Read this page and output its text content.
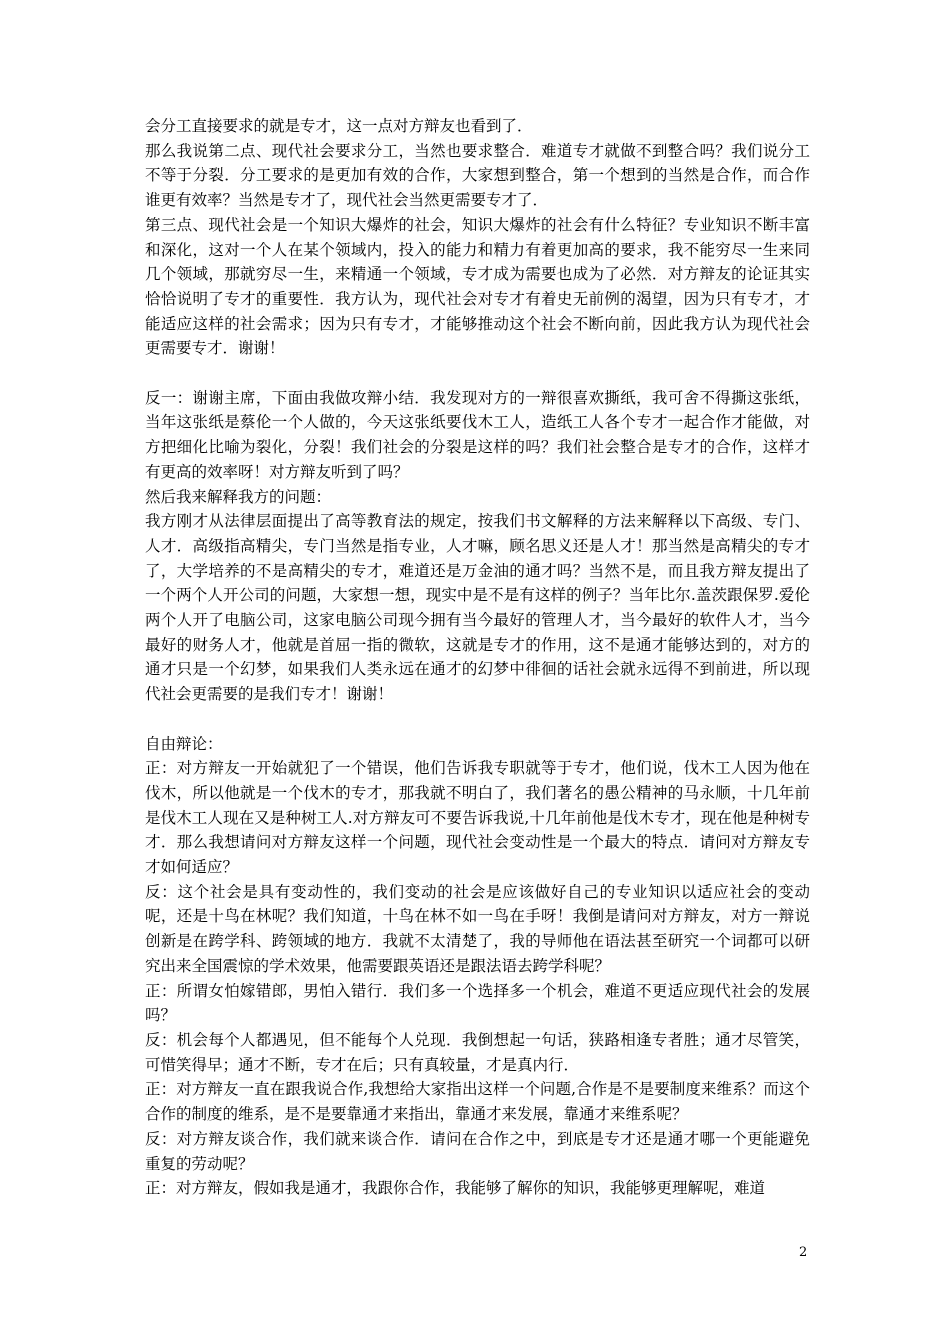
会分工直接要求的就是专才，这一点对方辩友也看到了．

那么我说第二点、现代社会要求分工，当然也要求整合．难道专才就做不到整合吗？我们说分工不等于分裂．分工要求的是更加有效的合作，大家想到整合，第一个想到的当然是合作，而合作谁更有效率？当然是专才了，现代社会当然更需要专才了．

第三点、现代社会是一个知识大爆炸的社会，知识大爆炸的社会有什么特征？专业知识不断丰富和深化，这对一个人在某个领域内，投入的能力和精力有着更加高的要求，我不能穷尽一生来同几个领域，那就穷尽一生，来精通一个领域，专才成为需要也成为了必然．对方辩友的论证其实恰恰说明了专才的重要性．我方认为，现代社会对专才有着史无前例的渴望，因为只有专才，才能适应这样的社会需求；因为只有专才，才能够推动这个社会不断向前，因此我方认为现代社会更需要专才．谢谢！

反一：谢谢主席，下面由我做攻辩小结．我发现对方的一辩很喜欢撕纸，我可舍不得撕这张纸，当年这张纸是蔡伦一个人做的，今天这张纸要伐木工人，造纸工人各个专才一起合作才能做，对方把细化比喻为裂化，分裂！我们社会的分裂是这样的吗？我们社会整合是专才的合作，这样才有更高的效率呀！对方辩友听到了吗？

然后我来解释我方的问题：

我方刚才从法律层面提出了高等教育法的规定，按我们书文解释的方法来解释以下高级、专门、人才．高级指高精尖，专门当然是指专业，人才嘛，顾名思义还是人才！那当然是高精尖的专才了，大学培养的不是高精尖的专才，难道还是万金油的通才吗？当然不是，而且我方辩友提出了一个两个人开公司的问题，大家想一想，现实中是不是有这样的例子？当年比尔.盖茨跟保罗.爱伦两个人开了电脑公司，这家电脑公司现今拥有当今最好的管理人才，当今最好的软件人才，当今最好的财务人才，他就是首屈一指的微软，这就是专才的作用，这不是通才能够达到的，对方的通才只是一个幻梦，如果我们人类永远在通才的幻梦中徘徊的话社会就永远得不到前进，所以现代社会更需要的是我们专才！谢谢！

自由辩论：

正：对方辩友一开始就犯了一个错误，他们告诉我专职就等于专才，他们说，伐木工人因为他在伐木，所以他就是一个伐木的专才，那我就不明白了，我们著名的愚公精神的马永顺，十几年前是伐木工人现在又是种树工人.对方辩友可不要告诉我说,十几年前他是伐木专才，现在他是种树专才．那么我想请问对方辩友这样一个问题，现代社会变动性是一个最大的特点．请问对方辩友专才如何适应？

反：这个社会是具有变动性的，我们变动的社会是应该做好自己的专业知识以适应社会的变动呢，还是十鸟在林呢？我们知道，十鸟在林不如一鸟在手呀！我倒是请问对方辩友，对方一辩说创新是在跨学科、跨领域的地方．我就不太清楚了，我的导师他在语法甚至研究一个词都可以研究出来全国震惊的学术效果，他需要跟英语还是跟法语去跨学科呢？

正：所谓女怕嫁错郎，男怕入错行．我们多一个选择多一个机会，难道不更适应现代社会的发展吗？

反：机会每个人都遇见，但不能每个人兑现．我倒想起一句话，狭路相逢专者胜；通才尽管笑，可惜笑得早；通才不断，专才在后；只有真较量，才是真内行．

正：对方辩友一直在跟我说合作,我想给大家指出这样一个问题,合作是不是要制度来维系？而这个合作的制度的维系，是不是要靠通才来指出，靠通才来发展，靠通才来维系呢？

反：对方辩友谈合作，我们就来谈合作．请问在合作之中，到底是专才还是通才哪一个更能避免重复的劳动呢？

正：对方辩友，假如我是通才，我跟你合作，我能够了解你的知识，我能够更理解呢，难道

2
